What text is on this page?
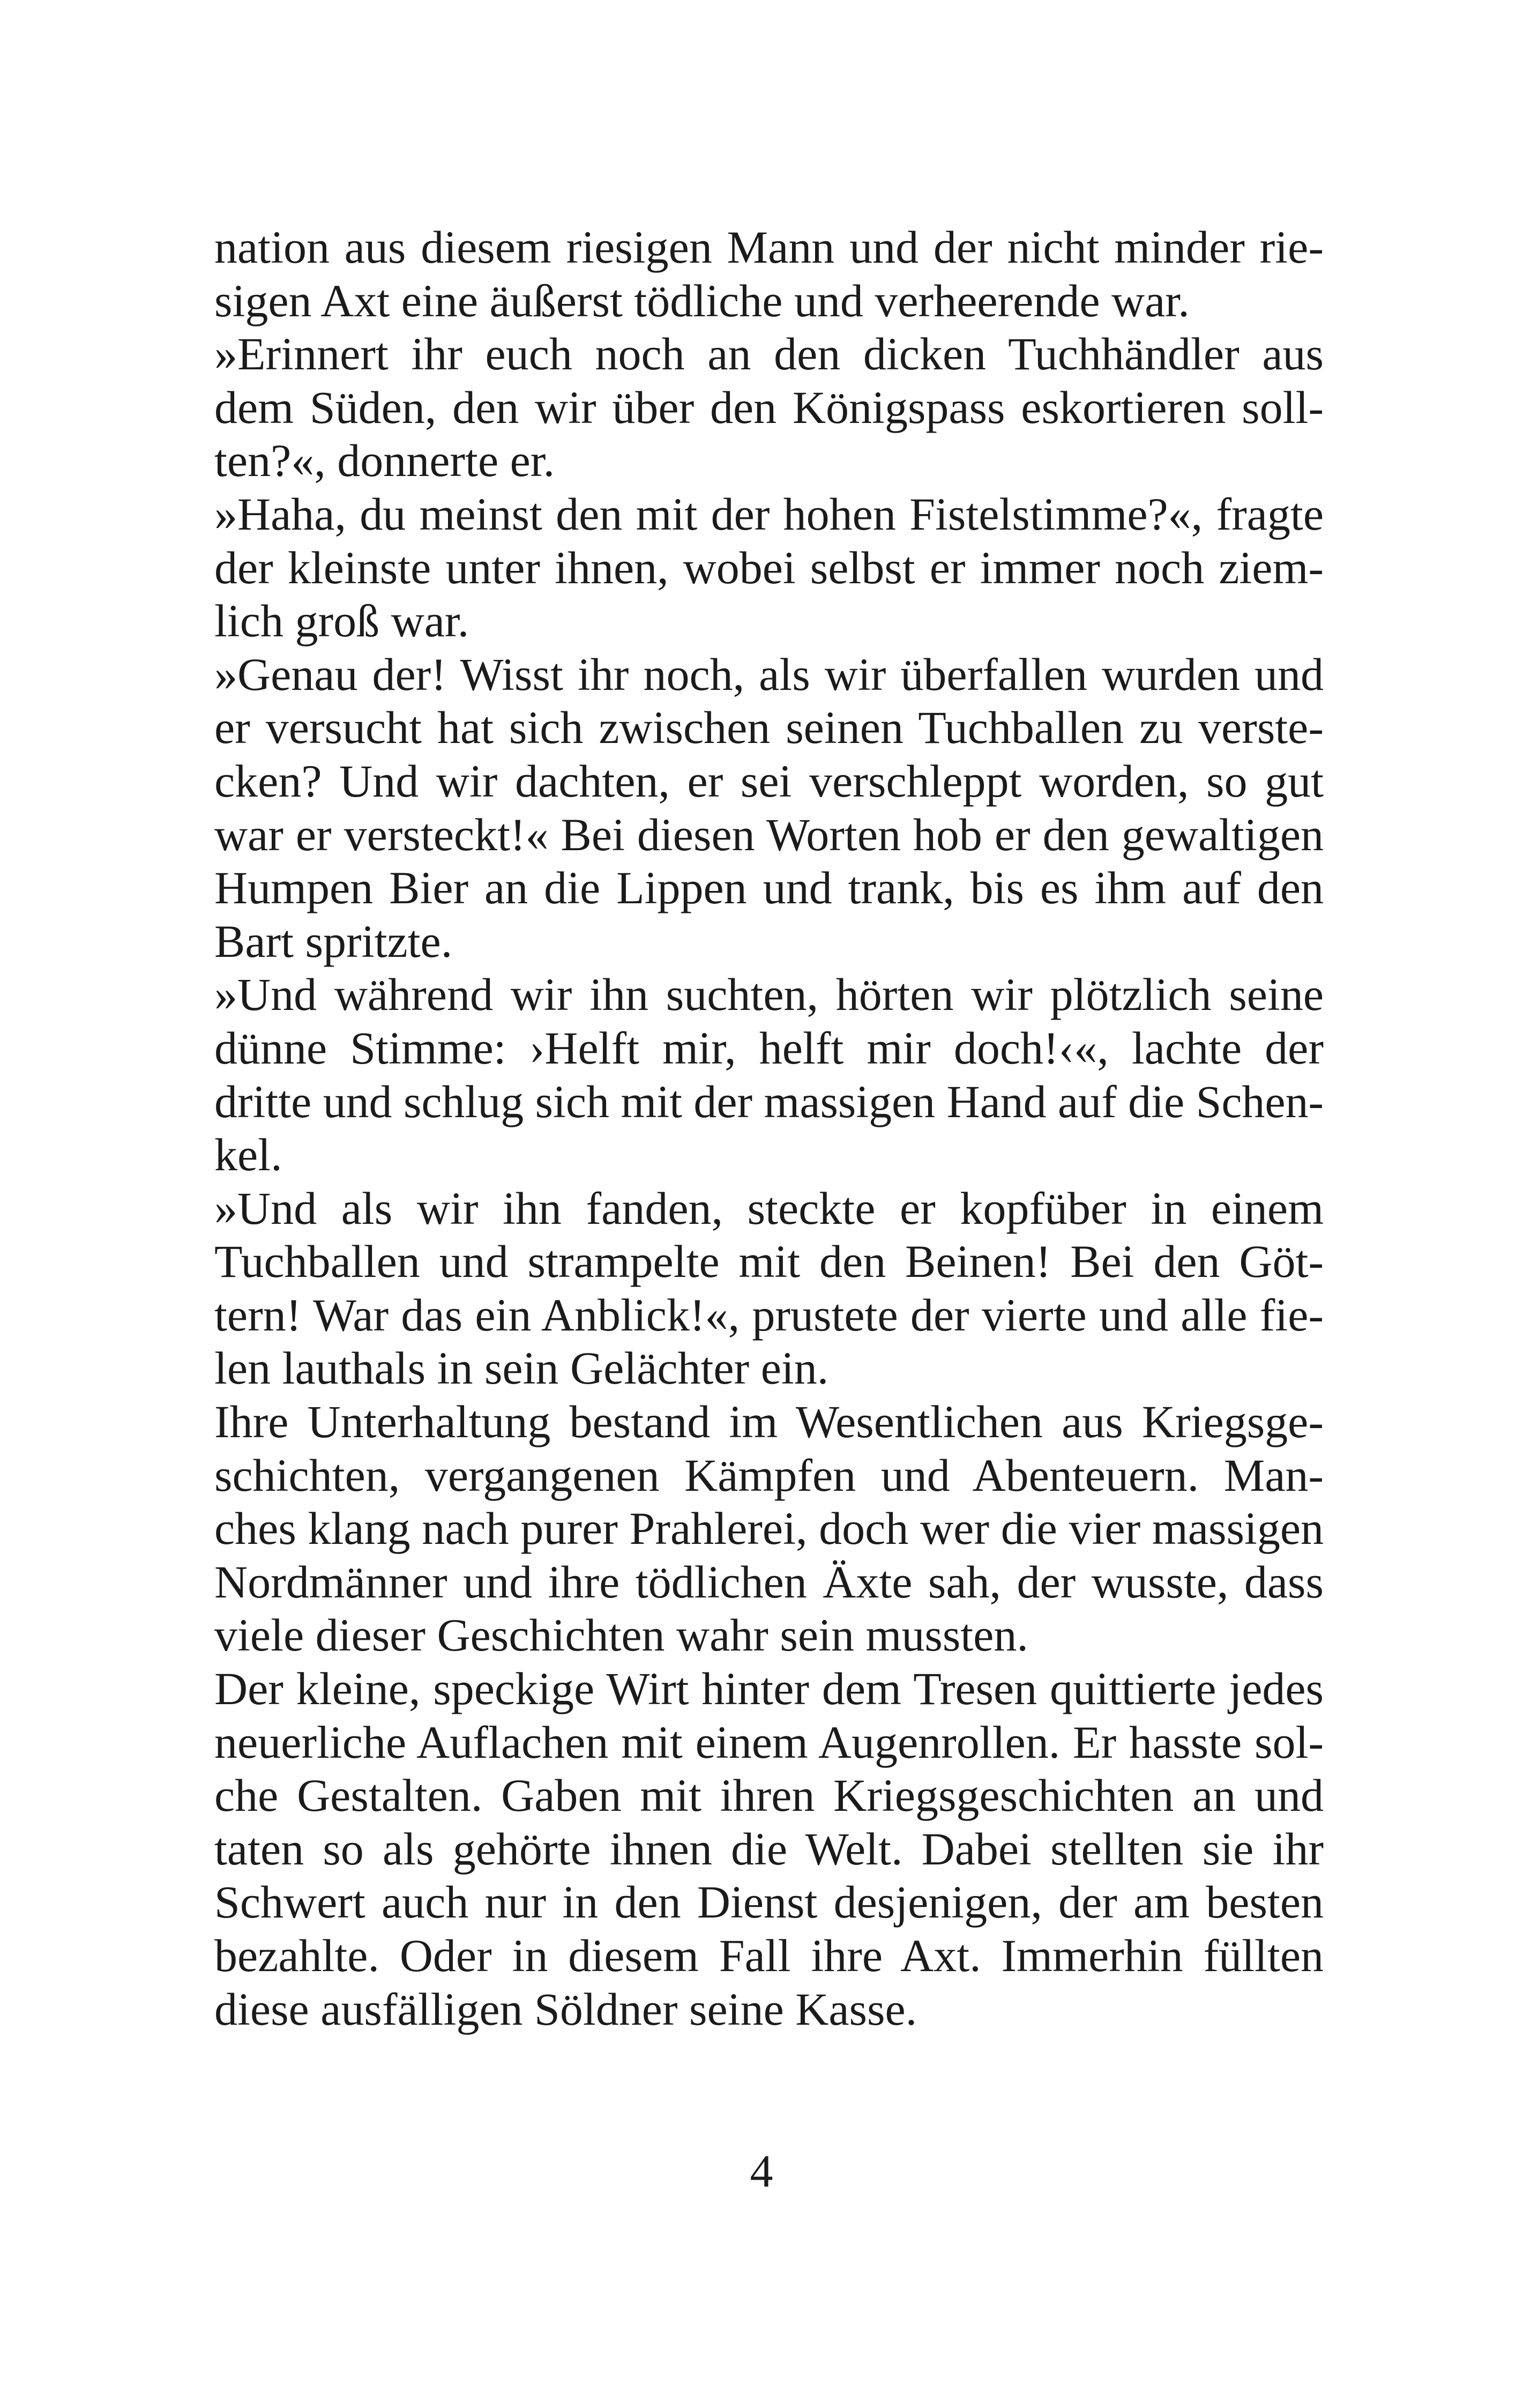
nation aus diesem riesigen Mann und der nicht minder rie-
sigen Axt eine äußerst tödliche und verheerende war.
»Erinnert ihr euch noch an den dicken Tuchhändler aus
dem Süden, den wir über den Königspass eskortieren soll-
ten?«, donnerte er.
»Haha, du meinst den mit der hohen Fistelstimme?«, fragte
der kleinste unter ihnen, wobei selbst er immer noch ziem-
lich groß war.
»Genau der! Wisst ihr noch, als wir überfallen wurden und
er versucht hat sich zwischen seinen Tuchballen zu verste-
cken? Und wir dachten, er sei verschleppt worden, so gut
war er versteckt!« Bei diesen Worten hob er den gewaltigen
Humpen Bier an die Lippen und trank, bis es ihm auf den
Bart spritzte.
»Und während wir ihn suchten, hörten wir plötzlich seine
dünne Stimme: ›Helft mir, helft mir doch!‹«, lachte der
dritte und schlug sich mit der massigen Hand auf die Schen-
kel.
»Und als wir ihn fanden, steckte er kopfüber in einem
Tuchballen und strampelte mit den Beinen! Bei den Göt-
tern! War das ein Anblick!«, prustete der vierte und alle fie-
len lauthals in sein Gelächter ein.
Ihre Unterhaltung bestand im Wesentlichen aus Kriegsge-
schichten, vergangenen Kämpfen und Abenteuern. Man-
ches klang nach purer Prahlerei, doch wer die vier massigen
Nordmänner und ihre tödlichen Äxte sah, der wusste, dass
viele dieser Geschichten wahr sein mussten.
Der kleine, speckige Wirt hinter dem Tresen quittierte jedes
neuerliche Auflachen mit einem Augenrollen. Er hasste sol-
che Gestalten. Gaben mit ihren Kriegsgeschichten an und
taten so als gehörte ihnen die Welt. Dabei stellten sie ihr
Schwert auch nur in den Dienst desjenigen, der am besten
bezahlte. Oder in diesem Fall ihre Axt. Immerhin füllten
diese ausfälligen Söldner seine Kasse.
4
